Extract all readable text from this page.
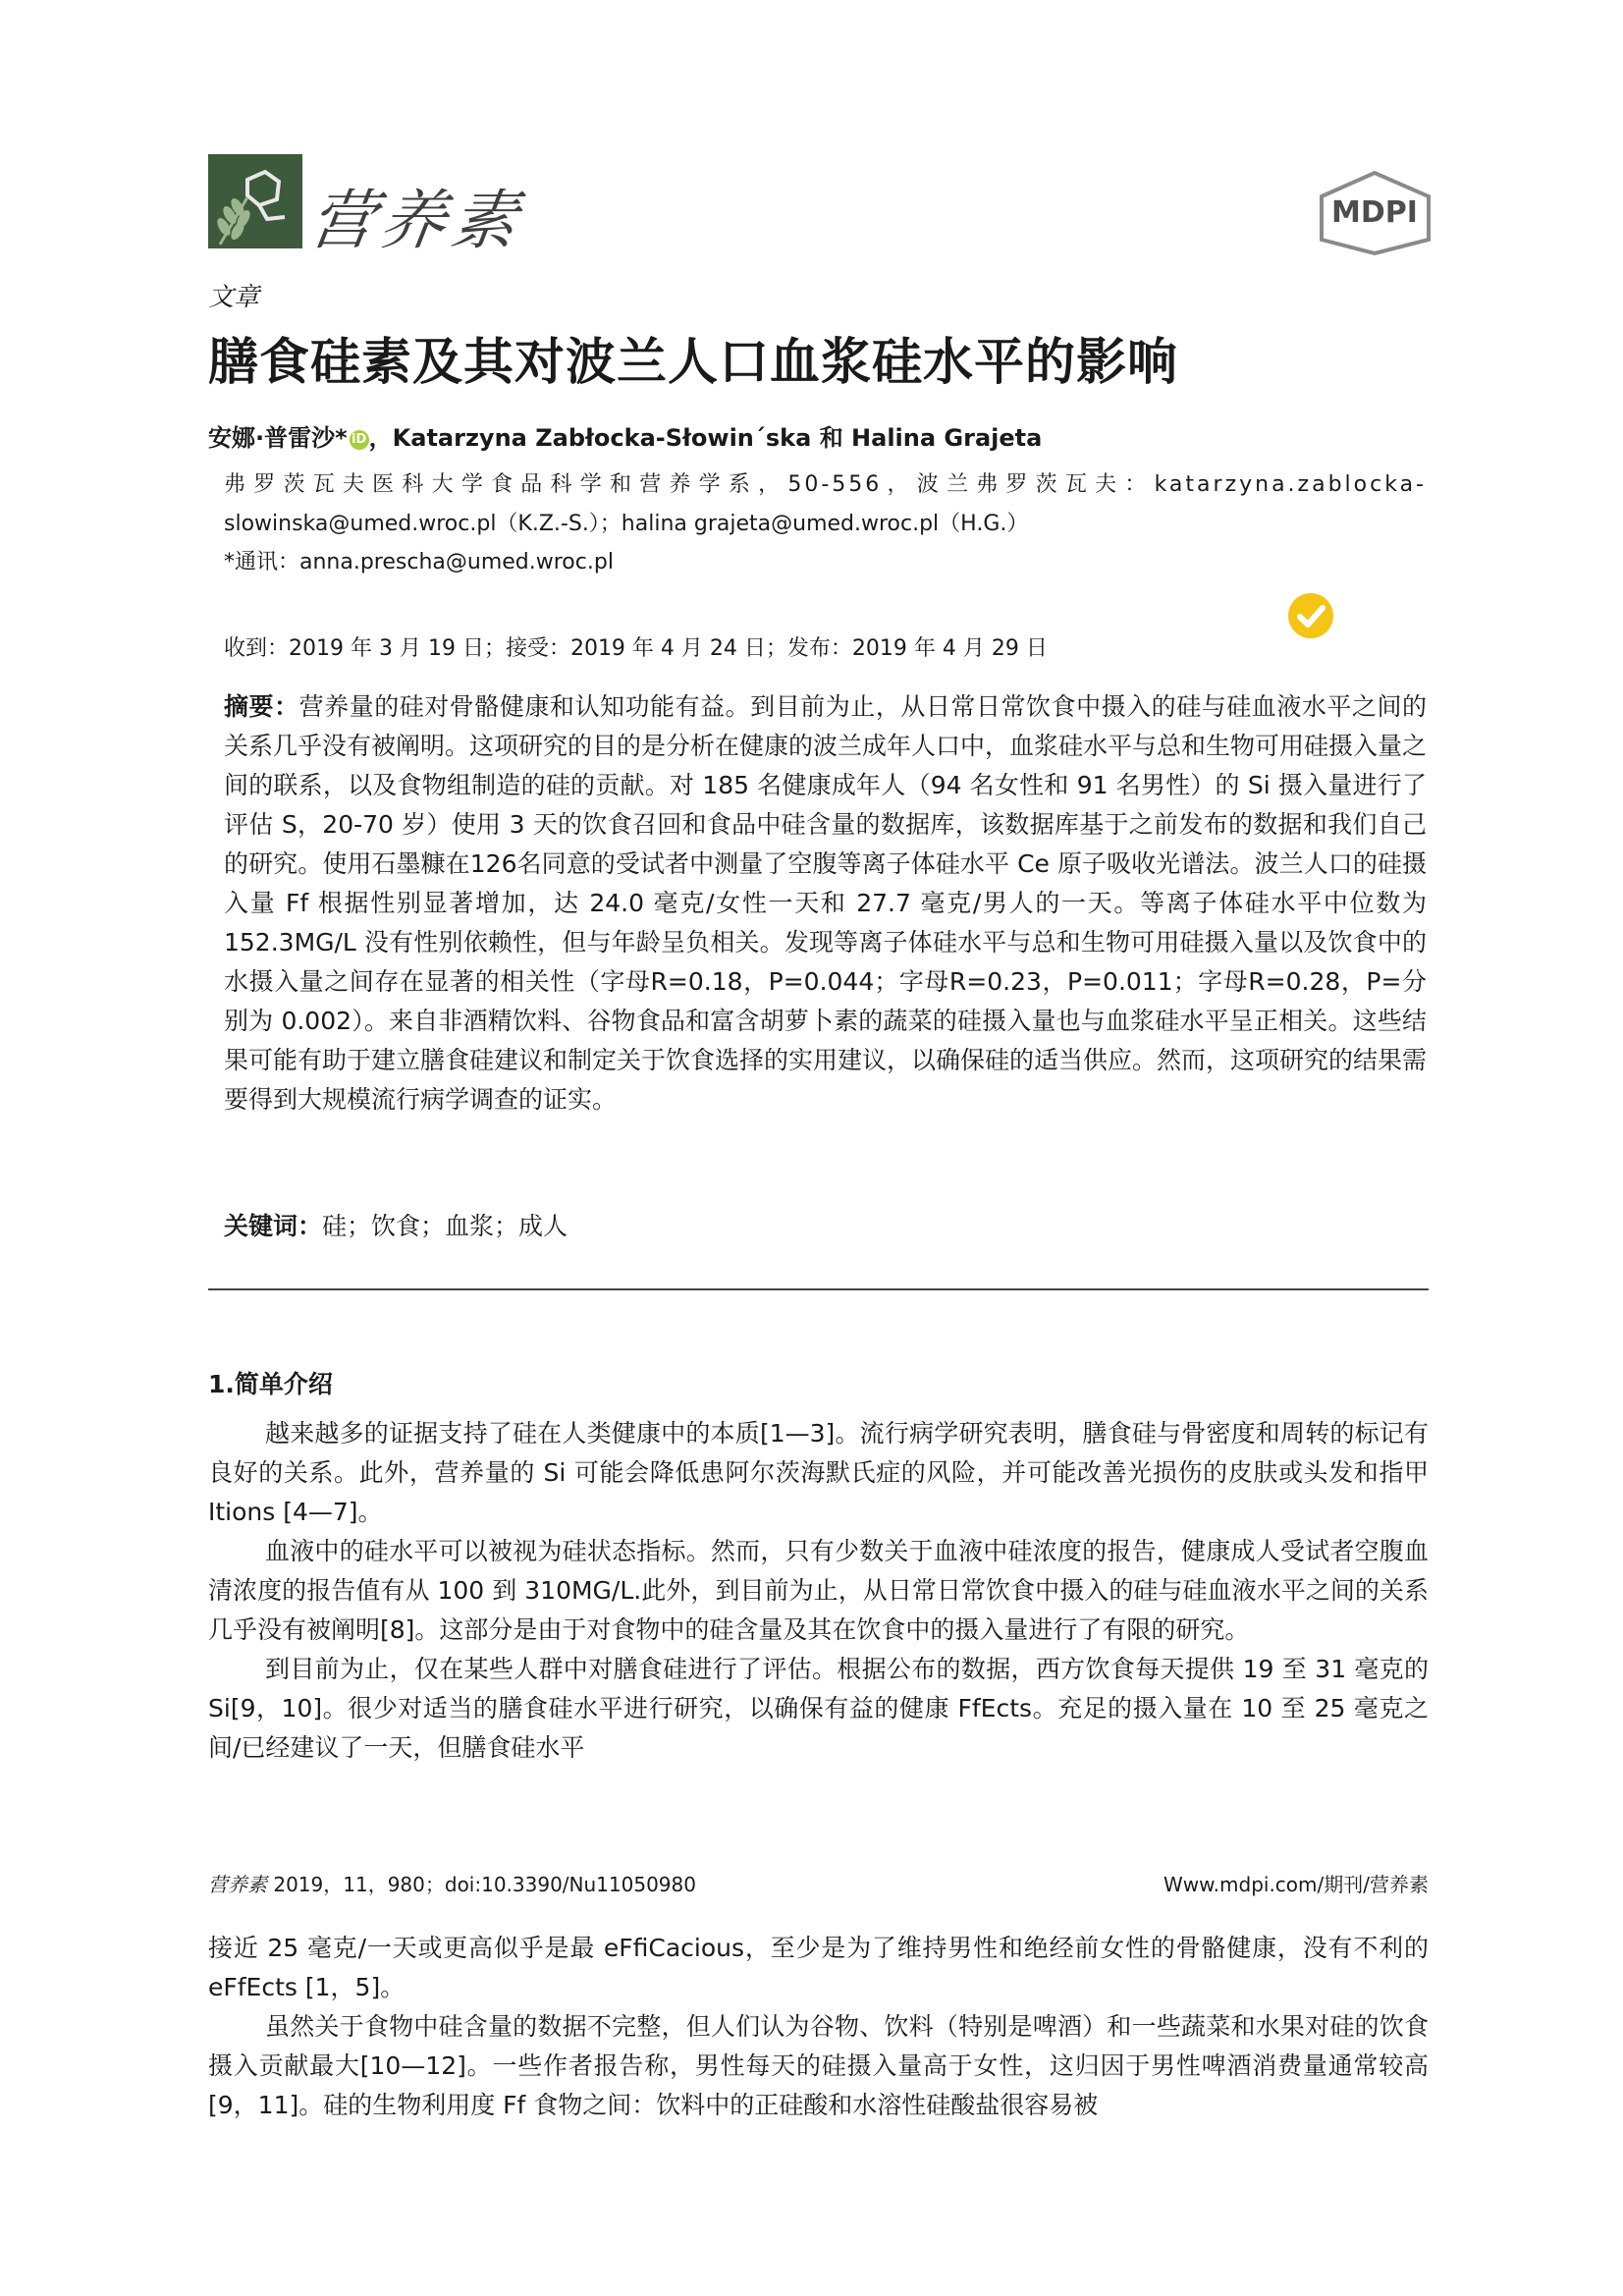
营养素	MDPI
文章
膳食硅素及其对波兰人口血浆硅水平的影响
安娜·普雷沙* iD，Katarzyna Zabłocka-Słowin´ska 和 Halina Grajeta
弗罗茨瓦夫医科大学食品科学和营养学系，50-556，波兰弗罗茨瓦夫：katarzyna.zablocka-
slowinska@umed.wroc.pl（K.Z.-S.）；halina grajeta@umed.wroc.pl（H.G.）
*通讯：anna.prescha@umed.wroc.pl
收到：2019 年 3 月 19 日；接受：2019 年 4 月 24 日；发布：2019 年 4 月 29 日
摘要：营养量的硅对骨骼健康和认知功能有益。到目前为止，从日常日常饮食中摄入的硅与硅血液水平之间的关系几乎没有被阐明。这项研究的目的是分析在健康的波兰成年人口中，血浆硅水平与总和生物可用硅摄入量之间的联系，以及食物组制造的硅的贡献。对 185 名健康成年人（94 名女性和 91 名男性）的 Si 摄入量进行了评估 S，20-70 岁）使用 3 天的饮食召回和食品中硅含量的数据库，该数据库基于之前发布的数据和我们自己的研究。使用石墨糠在126名同意的受试者中测量了空腹等离子体硅水平 Ce 原子吸收光谱法。波兰人口的硅摄入量 Ff 根据性别显著增加，达 24.0 毫克/女性一天和 27.7 毫克/男人的一天。等离子体硅水平中位数为 152.3MG/L 没有性别依赖性，但与年龄呈负相关。发现等离子体硅水平与总和生物可用硅摄入量以及饮食中的水摄入量之间存在显著的相关性（字母R=0.18，P=0.044；字母R=0.23，P=0.011；字母R=0.28，P=分别为 0.002）。来自非酒精饮料、谷物食品和富含胡萝卜素的蔬菜的硅摄入量也与血浆硅水平呈正相关。这些结果可能有助于建立膳食硅建议和制定关于饮食选择的实用建议，以确保硅的适当供应。然而，这项研究的结果需要得到大规模流行病学调查的证实。
关键词：硅；饮食；血浆；成人
1.简单介绍

越来越多的证据支持了硅在人类健康中的本质[1—3]。流行病学研究表明，膳食硅与骨密度和周转的标记有良好的关系。此外，营养量的 Si 可能会降低患阿尔茨海默氏症的风险，并可能改善光损伤的皮肤或头发和指甲 Itions [4—7]。

血液中的硅水平可以被视为硅状态指标。然而，只有少数关于血液中硅浓度的报告，健康成人受试者空腹血清浓度的报告值有从 100 到 310MG/L.此外，到目前为止，从日常日常饮食中摄入的硅与硅血液水平之间的关系几乎没有被阐明[8]。这部分是由于对食物中的硅含量及其在饮食中的摄入量进行了有限的研究。

到目前为止，仅在某些人群中对膳食硅进行了评估。根据公布的数据，西方饮食每天提供 19 至 31 毫克的 Si[9，10]。很少对适当的膳食硅水平进行研究，以确保有益的健康 FfEcts。充足的摄入量在 10 至 25 毫克之间/已经建议了一天，但膳食硅水平

营养素 2019，11，980；doi:10.3390/Nu11050980	Www.mdpi.com/期刊/营养素

接近 25 毫克/一天或更高似乎是最 eFfiCacious，至少是为了维持男性和绝经前女性的骨骼健康，没有不利的 eFfEcts [1，5]。

虽然关于食物中硅含量的数据不完整，但人们认为谷物、饮料（特别是啤酒）和一些蔬菜和水果对硅的饮食摄入贡献最大[10—12]。一些作者报告称，男性每天的硅摄入量高于女性，这归因于男性啤酒消费量通常较高[9，11]。硅的生物利用度 Ff 食物之间：饮料中的正硅酸和水溶性硅酸盐很容易被
